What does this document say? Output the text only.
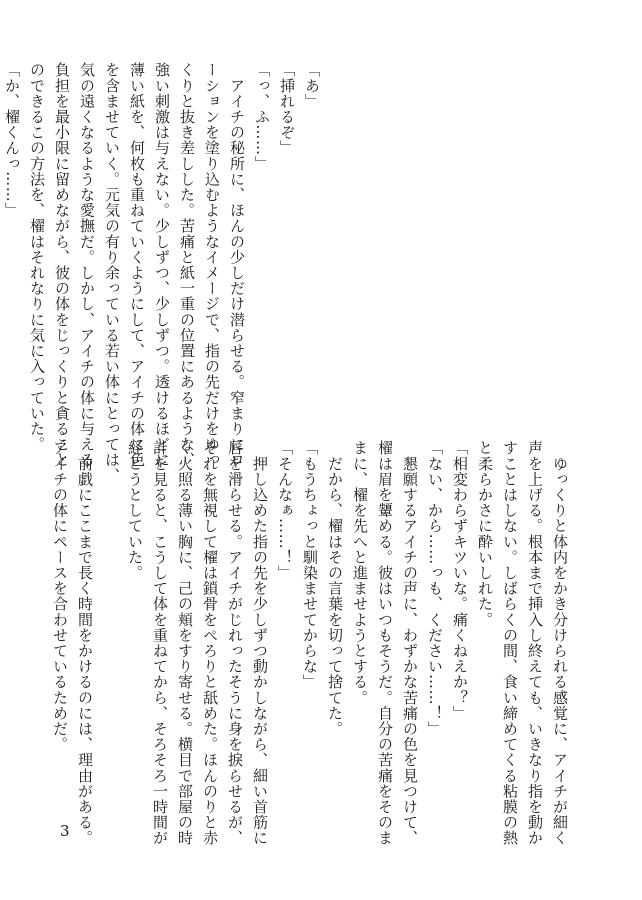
「あ」
「挿れるぞ」
「っ、ふ……」
　アイチの秘所に、ほんの少しだけ潜らせる。窄まりにロ
ーションを塗り込むようなイメージで、指の先だけをゆっ
くりと抜き差しした。苦痛と紙一重の位置にあるような、
強い刺激は与えない。少しずつ、少しずつ。透けるほどに
薄い紙を、何枚も重ねていくようにして、アイチの体に色
を含ませていく。元気の有り余っている若い体にとっては、
気の遠くなるような愛撫だ。しかし、アイチの体に与える
負担を最小限に留めながら、彼の体をじっくりと貪ること
のできるこの方法を、櫂はそれなりに気に入っていた。
「か、櫂くんっ……」
　ゆっくりと体内をかき分けられる感覚に、アイチが細く
声を上げる。根本まで挿入し終えても、いきなり指を動か
すことはしない。しばらくの間、食い締めてくる粘膜の熱
と柔らかさに酔いしれた。
「相変わらずキツいな。痛くねえか？」
「ない、から……っも、ください……！」
　懇願するアイチの声に、わずかな苦痛の色を見つけて、
櫂は眉を顰める。彼はいつもそうだ。自分の苦痛をそのま
まに、櫂を先へと進ませようとする。
　だから、櫂はその言葉を切って捨てた。
「もうちょっと馴染ませてからな」
「そんなぁ……！」
　押し込めた指の先を少しずつ動かしながら、細い首筋に
唇を滑らせる。アイチがじれったそうに身を捩らせるが、
それを無視して櫂は鎖骨をぺろりと舐めた。ほんのりと赤
く火照る薄い胸に、己の頬をすり寄せる。横目で部屋の時
計を見ると、こうして体を重ねてから、そろそろ一時間が
経とうとしていた。

　前戯にここまで長く時間をかけるのには、理由がある。
アイチの体にペースを合わせているためだ。
3
